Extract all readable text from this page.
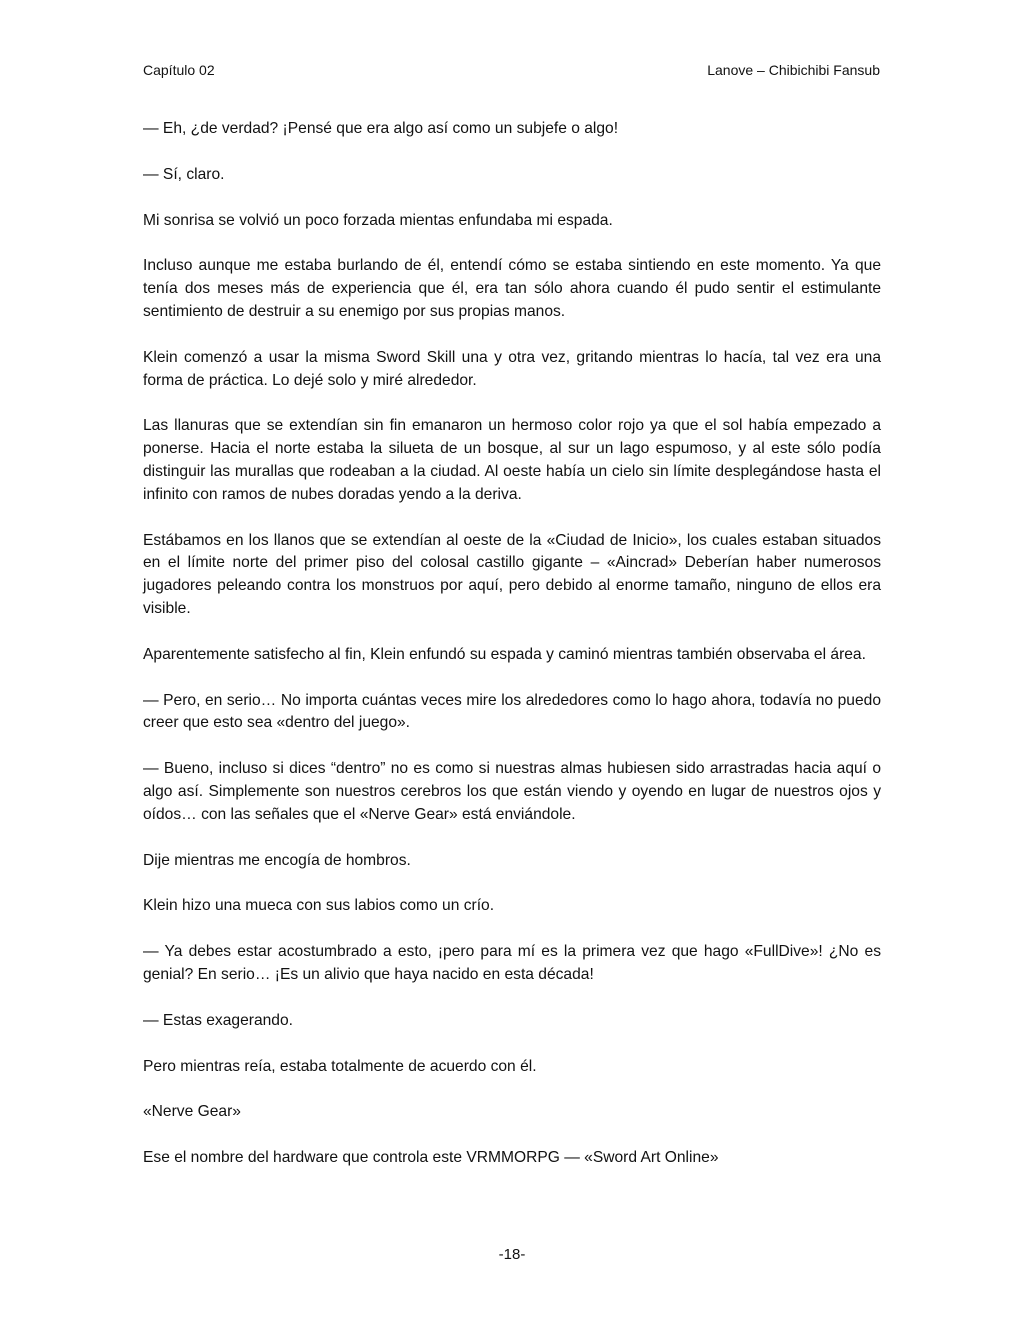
Capítulo 02	Lanove – Chibichibi Fansub

— Eh, ¿de verdad? ¡Pensé que era algo así como un subjefe o algo!

— Sí, claro.

Mi sonrisa se volvió un poco forzada mientas enfundaba mi espada.

Incluso aunque me estaba burlando de él, entendí cómo se estaba sintiendo en este momento. Ya que tenía dos meses más de experiencia que él, era tan sólo ahora cuando él pudo sentir el estimulante sentimiento de destruir a su enemigo por sus propias manos.

Klein comenzó a usar la misma Sword Skill una y otra vez, gritando mientras lo hacía, tal vez era una forma de práctica. Lo dejé solo y miré alrededor.

Las llanuras que se extendían sin fin emanaron un hermoso color rojo ya que el sol había empezado a ponerse. Hacia el norte estaba la silueta de un bosque, al sur un lago espumoso, y al este sólo podía distinguir las murallas que rodeaban a la ciudad. Al oeste había un cielo sin límite desplegándose hasta el infinito con ramos de nubes doradas yendo a la deriva.

Estábamos en los llanos que se extendían al oeste de la «Ciudad de Inicio», los cuales estaban situados en el límite norte del primer piso del colosal castillo gigante – «Aincrad» Deberían haber numerosos jugadores peleando contra los monstruos por aquí, pero debido al enorme tamaño, ninguno de ellos era visible.

Aparentemente satisfecho al fin, Klein enfundó su espada y caminó mientras también observaba el área.

— Pero, en serio… No importa cuántas veces mire los alrededores como lo hago ahora, todavía no puedo creer que esto sea «dentro del juego».

— Bueno, incluso si dices “dentro” no es como si nuestras almas hubiesen sido arrastradas hacia aquí o algo así. Simplemente son nuestros cerebros los que están viendo y oyendo en lugar de nuestros ojos y oídos… con las señales que el «Nerve Gear» está enviándole.

Dije mientras me encogía de hombros.

Klein hizo una mueca con sus labios como un crío.

— Ya debes estar acostumbrado a esto, ¡pero para mí es la primera vez que hago «FullDive»! ¿No es genial? En serio… ¡Es un alivio que haya nacido en esta década!

— Estas exagerando.

Pero mientras reía, estaba totalmente de acuerdo con él.

«Nerve Gear»

Ese el nombre del hardware que controla este VRMMORPG — «Sword Art Online»

-18-
